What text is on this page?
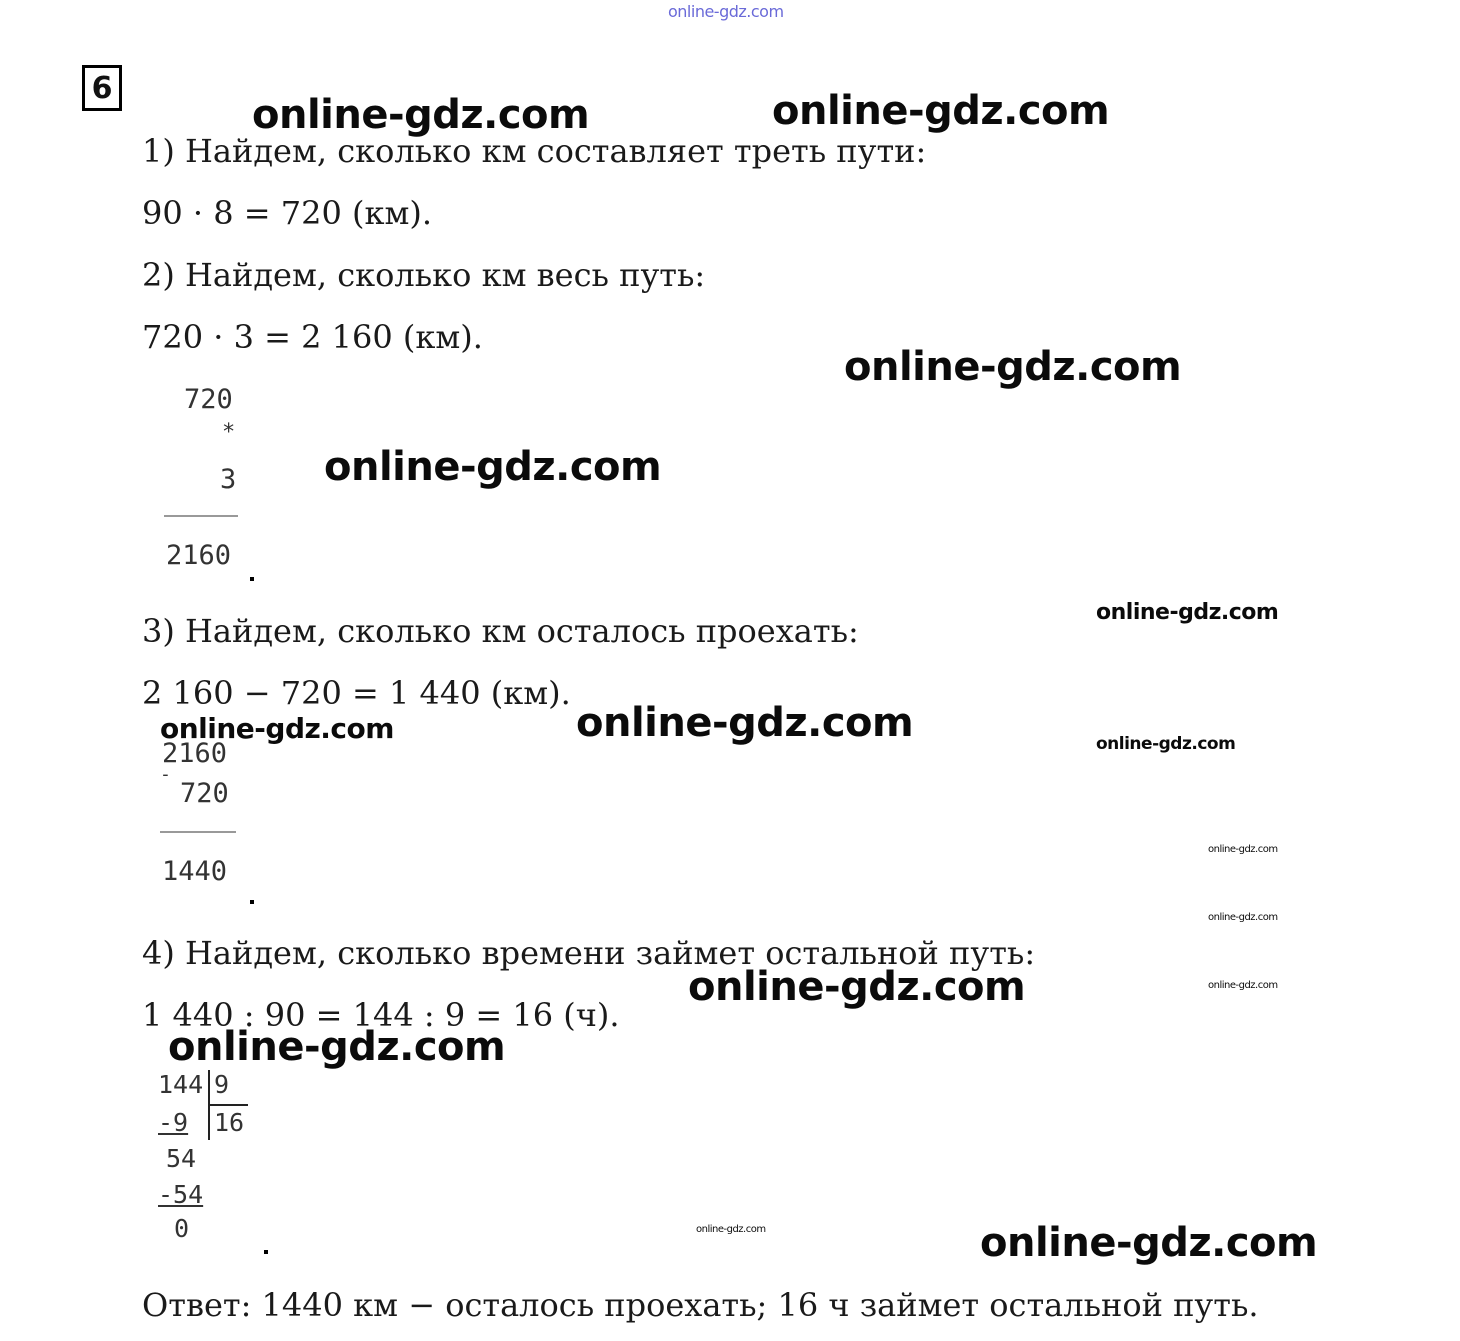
online-gdz.com
6
online-gdz.com	online-gdz.com
online-gdz.com
online-gdz.com
online-gdz.com
online-gdz.com
online-gdz.com	online-gdz.com
online-gdz.com
online-gdz.com
online-gdz.com	online-gdz.com
online-gdz.com
online-gdz.com	online-gdz.com
1) Найдем, сколько км составляет треть пути:
90 · 8 = 720 (км).
2) Найдем, сколько км весь путь:
720 · 3 = 2 160 (км).
720
*
3
2160
3) Найдем, сколько км осталось проехать:
2 160 − 720 = 1 440 (км).
2160
-
720
1440
4) Найдем, сколько времени займет остальной путь:
1 440 : 90 = 144 : 9 = 16 (ч).
144 9
16
-9
54
-54
0
Ответ: 1440 км − осталось проехать; 16 ч займет остальной путь.
